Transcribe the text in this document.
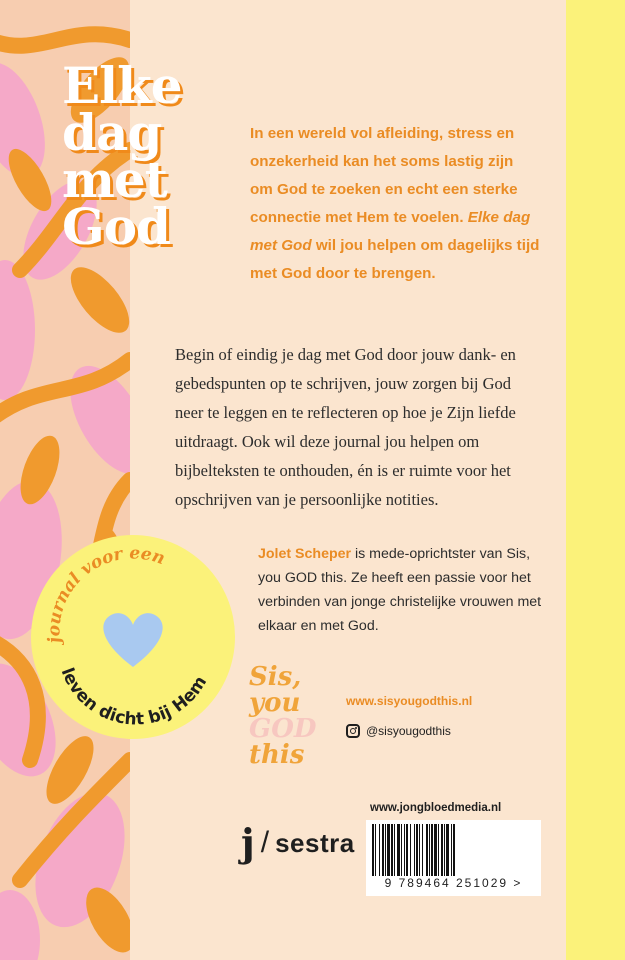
Elke
dag
met
God

In een wereld vol afleiding, stress en onzekerheid kan het soms lastig zijn om God te zoeken en echt een sterke connectie met Hem te voelen. Elke dag met God wil jou helpen om dagelijks tijd met God door te brengen.

Begin of eindig je dag met God door jouw dank- en gebedspunten op te schrijven, jouw zorgen bij God neer te leggen en te reflecteren op hoe je Zijn liefde uitdraagt. Ook wil deze journal jou helpen om bijbelteksten te onthouden, én is er ruimte voor het opschrijven van je persoonlijke notities.

Jolet Scheper is mede-oprichtster van Sis, you GOD this. Ze heeft een passie voor het verbinden van jonge christelijke vrouwen met elkaar en met God.

journal voor een
leven dicht bij Hem Sis,
you
GOD
this
www.sisyougodthis.nl
@sisyougodthis
j / sestra
www.jongbloedmedia.nl
9 789464 251029 >
